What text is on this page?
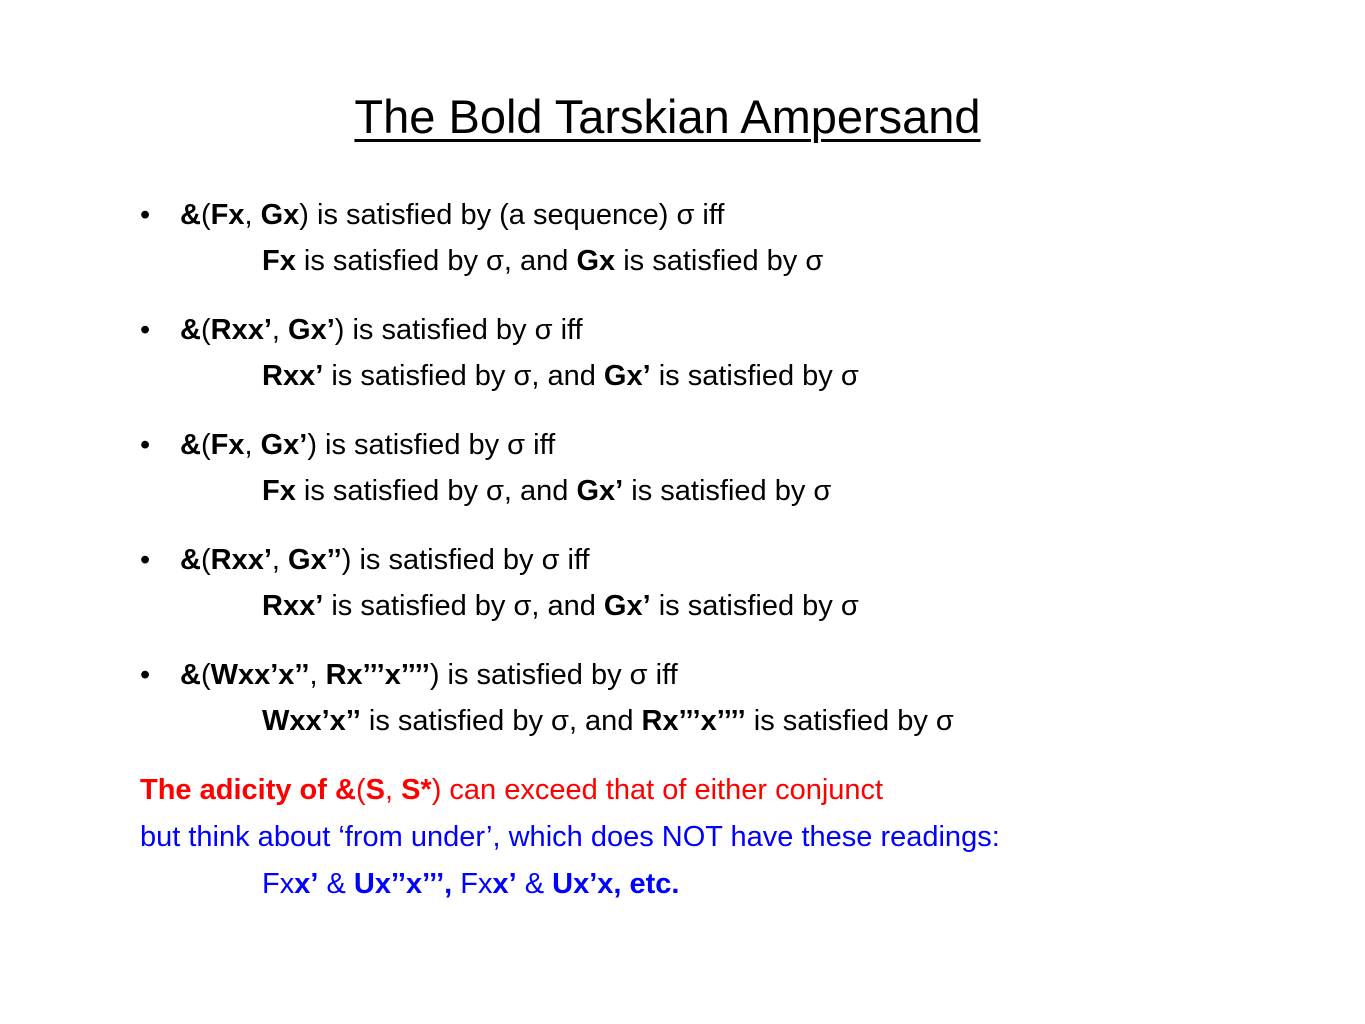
The Bold Tarskian Ampersand
• &(Fx, Gx) is satisfied by (a sequence) σ iff
Fx is satisfied by σ, and Gx is satisfied by σ
• &(Rxx’, Gx’) is satisfied by σ iff
Rxx’ is satisfied by σ, and Gx’ is satisfied by σ
• &(Fx, Gx’) is satisfied by σ iff
Fx is satisfied by σ, and Gx’ is satisfied by σ
• &(Rxx’, Gx’’) is satisfied by σ iff
Rxx’ is satisfied by σ, and Gx’ is satisfied by σ
• &(Wxx’x’’, Rx’’’x’’’’) is satisfied by σ iff
Wxx’x’’ is satisfied by σ, and Rx’’’x’’’’ is satisfied by σ
The adicity of &(S, S*) can exceed that of either conjunct
but think about ‘from under’, which does NOT have these readings:
Fxx’ & Ux’’x’’’, Fxx’ & Ux’x, etc.
